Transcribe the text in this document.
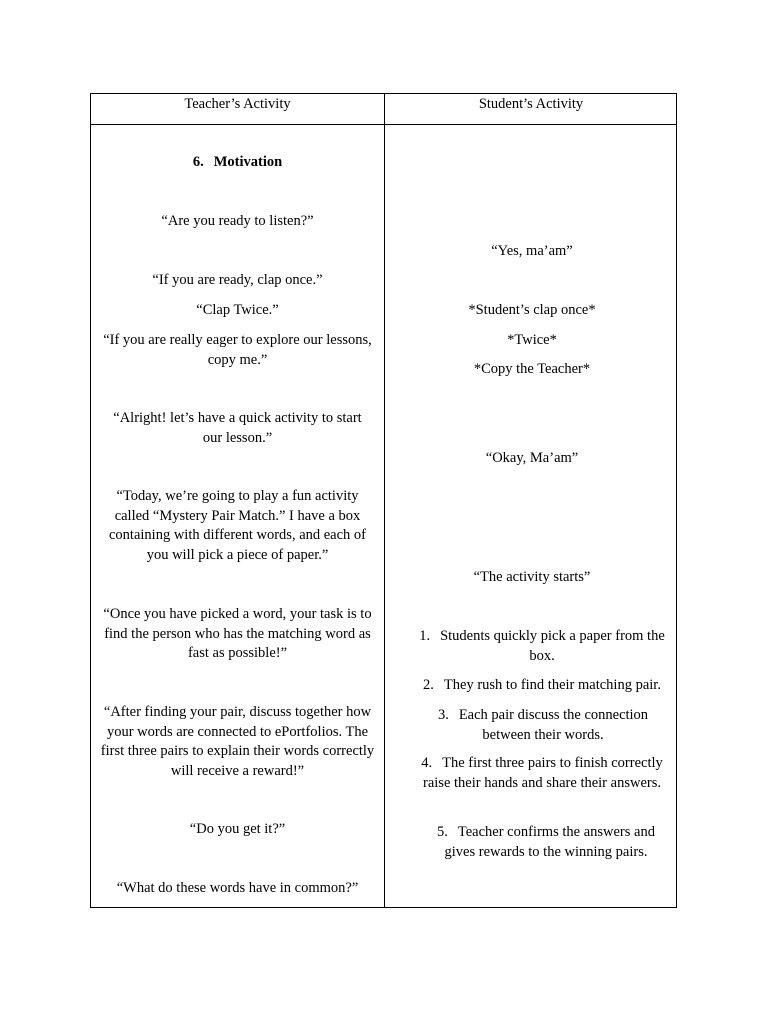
Teacher’s Activity	Student’s Activity
6. Motivation
“Are you ready to listen?”
“If you are ready, clap once.”
“Clap Twice.”
“If you are really eager to explore our lessons, copy me.”
“Alright! let’s have a quick activity to start our lesson.”
“Today, we’re going to play a fun activity called “Mystery Pair Match.” I have a box containing with different words, and each of you will pick a piece of paper.”
“Once you have picked a word, your task is to find the person who has the matching word as fast as possible!”
“After finding your pair, discuss together how your words are connected to ePortfolios. The first three pairs to explain their words correctly will receive a reward!”
“Do you get it?”
“What do these words have in common?”
“Yes, ma’am”
*Student’s clap once*
*Twice*
*Copy the Teacher*
“Okay, Ma’am”
“The activity starts”
1. Students quickly pick a paper from the box.
2. They rush to find their matching pair.
3. Each pair discuss the connection between their words.
4. The first three pairs to finish correctly raise their hands and share their answers.
5. Teacher confirms the answers and gives rewards to the winning pairs.
